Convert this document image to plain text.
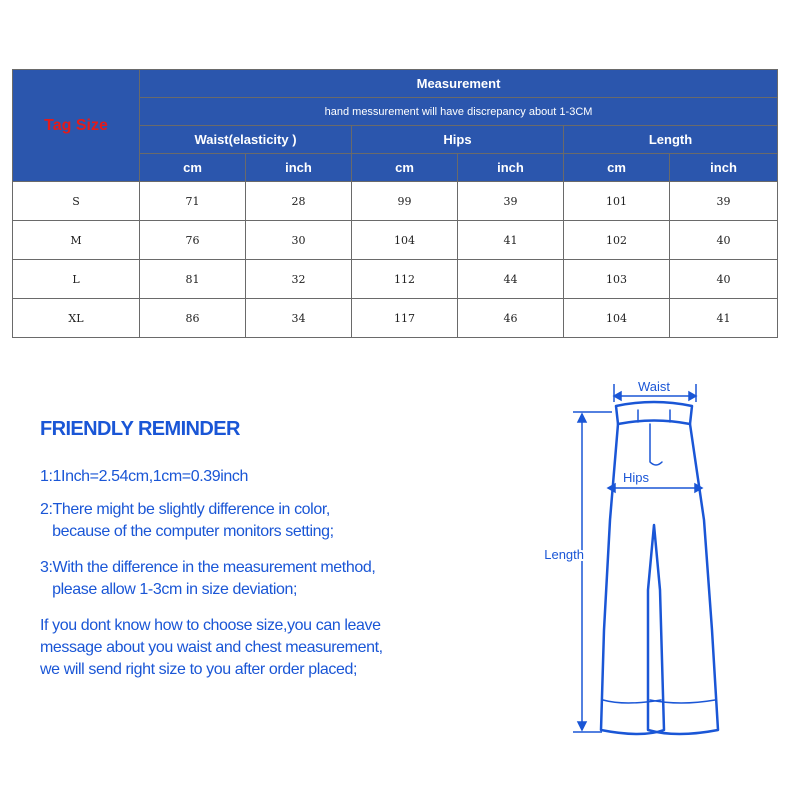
Tag Size	Measurement					
	hand messurement will have discrepancy about 1-3CM					
	Waist(elasticity )		Hips		Length	
	cm	inch	cm	inch	cm	inch
S	71	28	99	39	101	39
M	76	30	104	41	102	40
L	81	32	112	44	103	40
XL	86	34	117	46	104	41
FRIENDLY REMINDER
1:1Inch=2.54cm,1cm=0.39inch
2:There might be slightly difference in color,
because of the computer monitors setting;
3:With the difference in the measurement method,
please allow 1-3cm in size deviation;
If you dont know how to choose size,you can leave
message about you waist and chest measurement,
we will send right size to you after order placed;
Waist
Hips
Length
